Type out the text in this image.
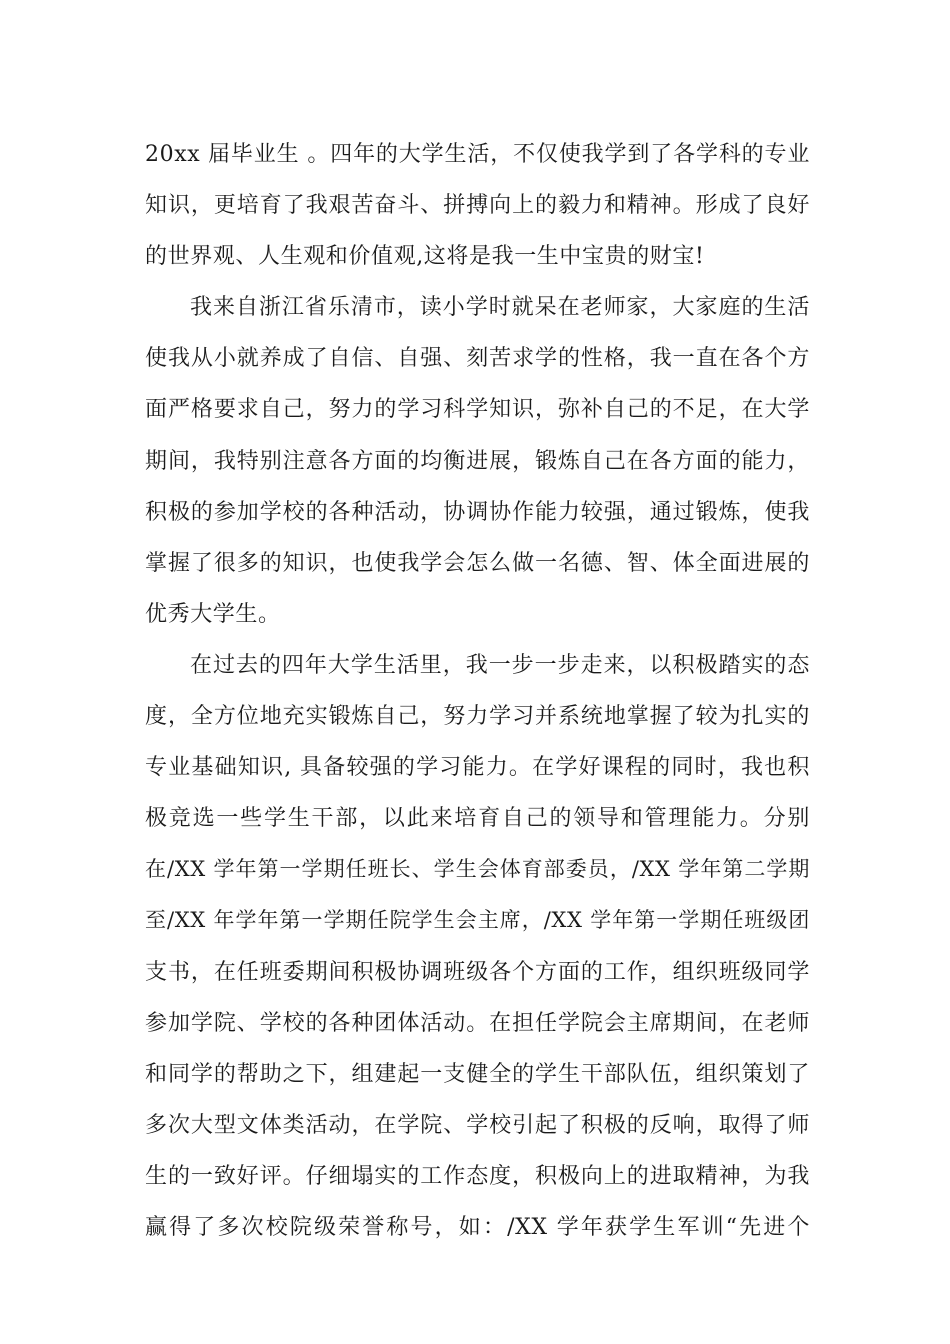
20xx 届毕业生 。四年的大学生活，不仅使我学到了各学科的专业
知识，更培育了我艰苦奋斗、拼搏向上的毅力和精神。形成了良好
的世界观、人生观和价值观,这将是我一生中宝贵的财宝!
我来自浙江省乐清市，读小学时就呆在老师家，大家庭的生活
使我从小就养成了自信、自强、刻苦求学的性格，我一直在各个方
面严格要求自己，努力的学习科学知识，弥补自己的不足，在大学
期间，我特别注意各方面的均衡进展，锻炼自己在各方面的能力，
积极的参加学校的各种活动，协调协作能力较强，通过锻炼，使我
掌握了很多的知识，也使我学会怎么做一名德、智、体全面进展的
优秀大学生。
在过去的四年大学生活里，我一步一步走来，以积极踏实的态
度，全方位地充实锻炼自己，努力学习并系统地掌握了较为扎实的
专业基础知识, 具备较强的学习能力。在学好课程的同时，我也积
极竞选一些学生干部，以此来培育自己的领导和管理能力。分别
在/XX 学年第一学期任班长、学生会体育部委员，/XX 学年第二学期
至/XX 年学年第一学期任院学生会主席，/XX 学年第一学期任班级团
支书，在任班委期间积极协调班级各个方面的工作，组织班级同学
参加学院、学校的各种团体活动。在担任学院会主席期间，在老师
和同学的帮助之下，组建起一支健全的学生干部队伍，组织策划了
多次大型文体类活动，在学院、学校引起了积极的反响，取得了师
生的一致好评。仔细塌实的工作态度，积极向上的进取精神，为我
赢得了多次校院级荣誉称号，如：/XX 学年获学生军训“先进个
